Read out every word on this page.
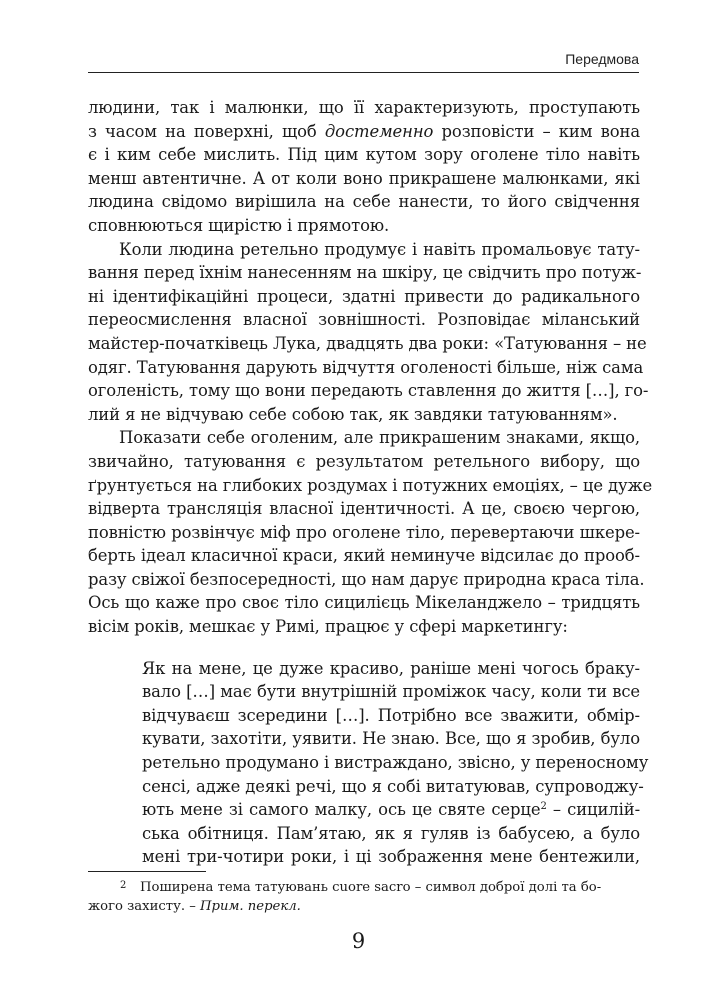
Передмова

людини, так і малюнки, що її характеризують, проступають
з часом на поверхні, щоб достеменно розповісти – ким вона
є і ким себе мислить. Під цим кутом зору оголене тіло навіть
менш автентичне. А от коли воно прикрашене малюнками, які
людина свідомо вирішила на себе нанести, то його свідчення
сповнюються щирістю і прямотою.

Коли людина ретельно продумує і навіть промальовує тату-
вання перед їхнім нанесенням на шкіру, це свідчить про потуж-
ні ідентифікаційні процеси, здатні привести до радикального
переосмислення власної зовнішності. Розповідає міланський
майстер-початківець Лука, двадцять два роки: «Татуювання – не
одяг. Татуювання дарують відчуття оголеності більше, ніж сама
оголеність, тому що вони передають ставлення до життя […], го-
лий я не відчуваю себе собою так, як завдяки татуюванням».

Показати себе оголеним, але прикрашеним знаками, якщо,
звичайно, татуювання є результатом ретельного вибору, що
ґрунтується на глибоких роздумах і потужних емоціях, – це дуже
відверта трансляція власної ідентичності. А це, своєю чергою,
повністю розвінчує міф про оголене тіло, перевертаючи шкере-
берть ідеал класичної краси, який неминуче відсилає до прооб-
разу свіжої безпосередності, що нам дарує природна краса тіла.
Ось що каже про своє тіло сицилієць Мікеланджело – тридцять
вісім років, мешкає у Римі, працює у сфері маркетингу:

Як на мене, це дуже красиво, раніше мені чогось браку-
вало […] має бути внутрішній проміжок часу, коли ти все
відчуваєш зсередини […]. Потрібно все зважити, обмір-
кувати, захотіти, уявити. Не знаю. Все, що я зробив, було
ретельно продумано і вистраждано, звісно, у переносному
сенсі, адже деякі речі, що я собі витатуював, супроводжу-
ють мене зі самого малку, ось це святе серце$^2$ – сицилій-
ська обітниця. Пам’ятаю, як я гуляв із бабусею, а було
мені три-чотири роки, і ці зображення мене бентежили,

2	Поширена тема татуювань cuore sacro – символ доброї долі та бо-
жого захисту. – Прим. перекл.
9
